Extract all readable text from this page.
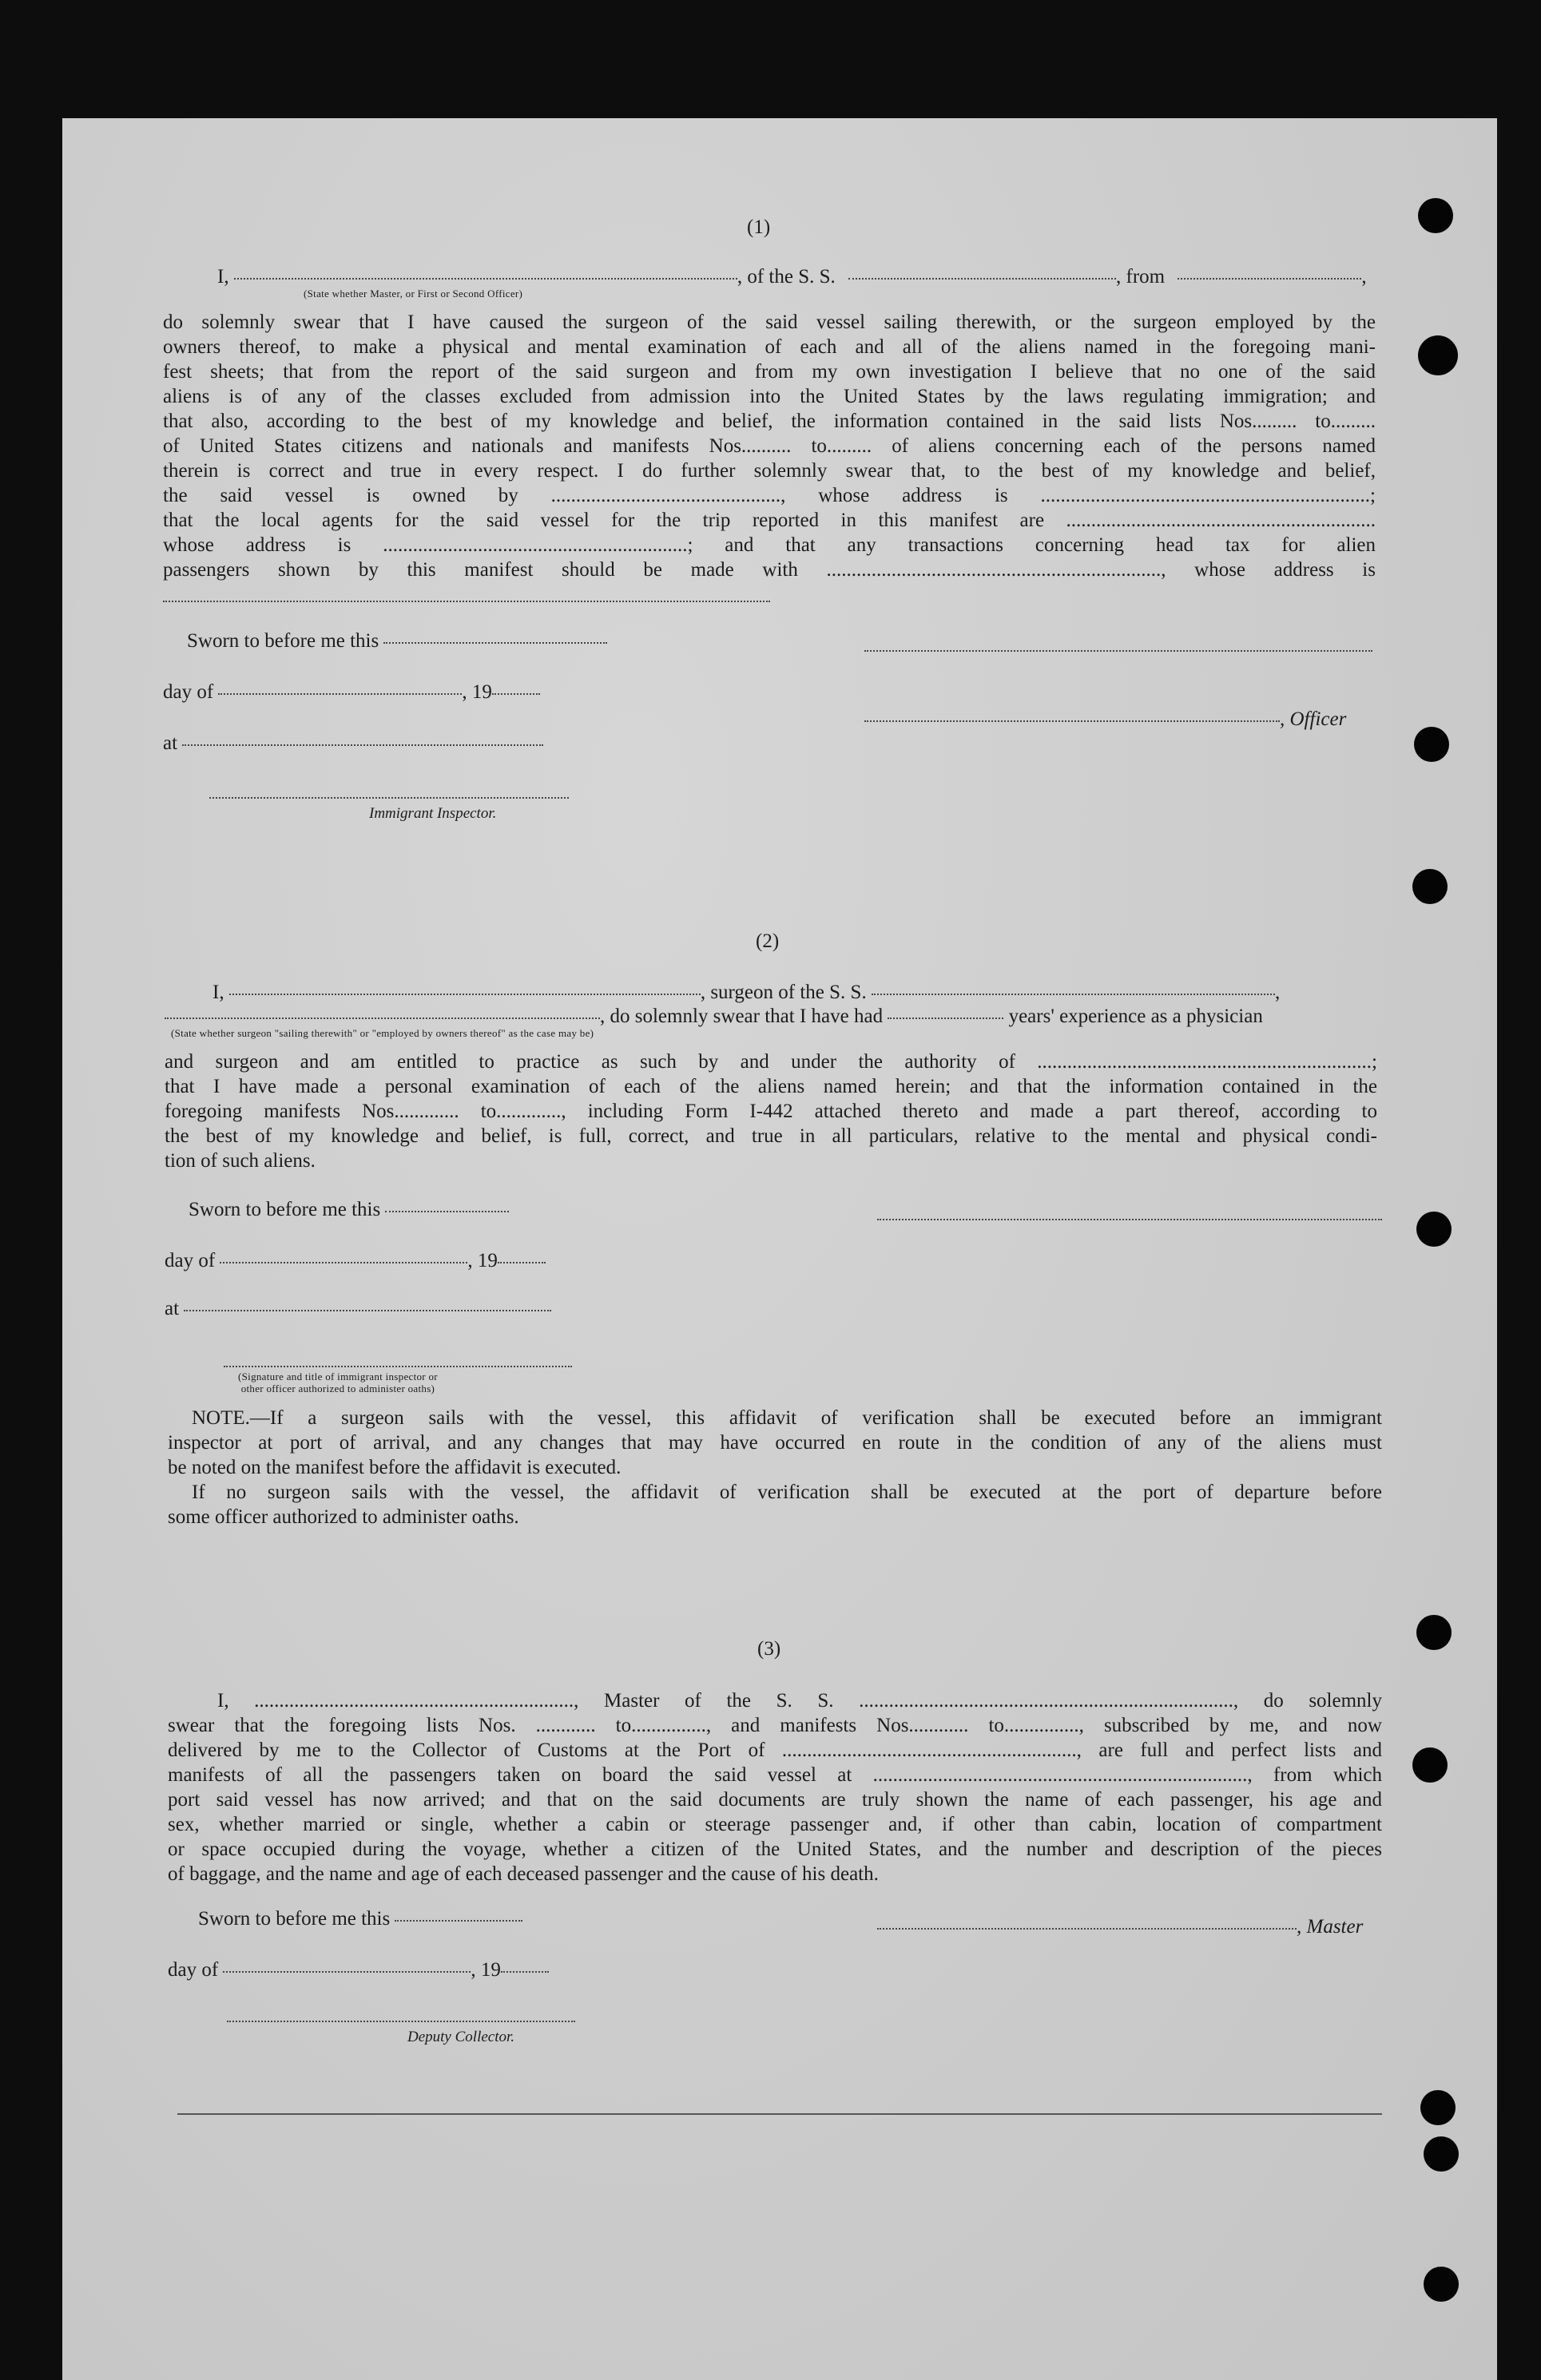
(1)
I,	, of the S. S.	, from	,
(State whether Master, or First or Second Officer)
do solemnly swear that I have caused the surgeon of the said vessel sailing therewith, or the surgeon employed by the
owners thereof, to make a physical and mental examination of each and all of the aliens named in the foregoing mani-
fest sheets; that from the report of the said surgeon and from my own investigation I believe that no one of the said
aliens is of any of the classes excluded from admission into the United States by the laws regulating immigration; and
that also, according to the best of my knowledge and belief, the information contained in the said lists Nos......... to.........
of United States citizens and nationals and manifests Nos.......... to......... of aliens concerning each of the persons named
therein is correct and true in every respect. I do further solemnly swear that, to the best of my knowledge and belief,
the said vessel is owned by .............................................., whose address is ..................................................................;
that the local agents for the said vessel for the trip reported in this manifest are ..............................................................
whose address is .............................................................; and that any transactions concerning head tax for alien
passengers shown by this manifest should be made with ..................................................................., whose address is
Sworn to before me this
day of	, 19
, Officer
at
Immigrant Inspector.
(2)
I,	, surgeon of the S. S.	,
, do solemnly swear that I have had	years' experience as a physician
(State whether surgeon "sailing therewith" or "employed by owners thereof" as the case may be)
and surgeon and am entitled to practice as such by and under the authority of ...................................................................;
that I have made a personal examination of each of the aliens named herein; and that the information contained in the
foregoing manifests Nos............. to............., including Form I-442 attached thereto and made a part thereof, according to
the best of my knowledge and belief, is full, correct, and true in all particulars, relative to the mental and physical condi-
tion of such aliens.
Sworn to before me this
day of	, 19
at
(Signature and title of immigrant inspector or
other officer authorized to administer oaths)
NOTE.—If a surgeon sails with the vessel, this affidavit of verification shall be executed before an immigrant
inspector at port of arrival, and any changes that may have occurred en route in the condition of any of the aliens must
be noted on the manifest before the affidavit is executed.
If no surgeon sails with the vessel, the affidavit of verification shall be executed at the port of departure before
some officer authorized to administer oaths.
(3)
I, ................................................................, Master of the S. S. ..........................................................................., do solemnly
swear that the foregoing lists Nos. ............ to..............., and manifests Nos............ to..............., subscribed by me, and now
delivered by me to the Collector of Customs at the Port of ..........................................................., are full and perfect lists and
manifests of all the passengers taken on board the said vessel at ..........................................................................., from which
port said vessel has now arrived; and that on the said documents are truly shown the name of each passenger, his age and
sex, whether married or single, whether a cabin or steerage passenger and, if other than cabin, location of compartment
or space occupied during the voyage, whether a citizen of the United States, and the number and description of the pieces
of baggage, and the name and age of each deceased passenger and the cause of his death.
Sworn to before me this	, Master
day of	, 19
Deputy Collector.
